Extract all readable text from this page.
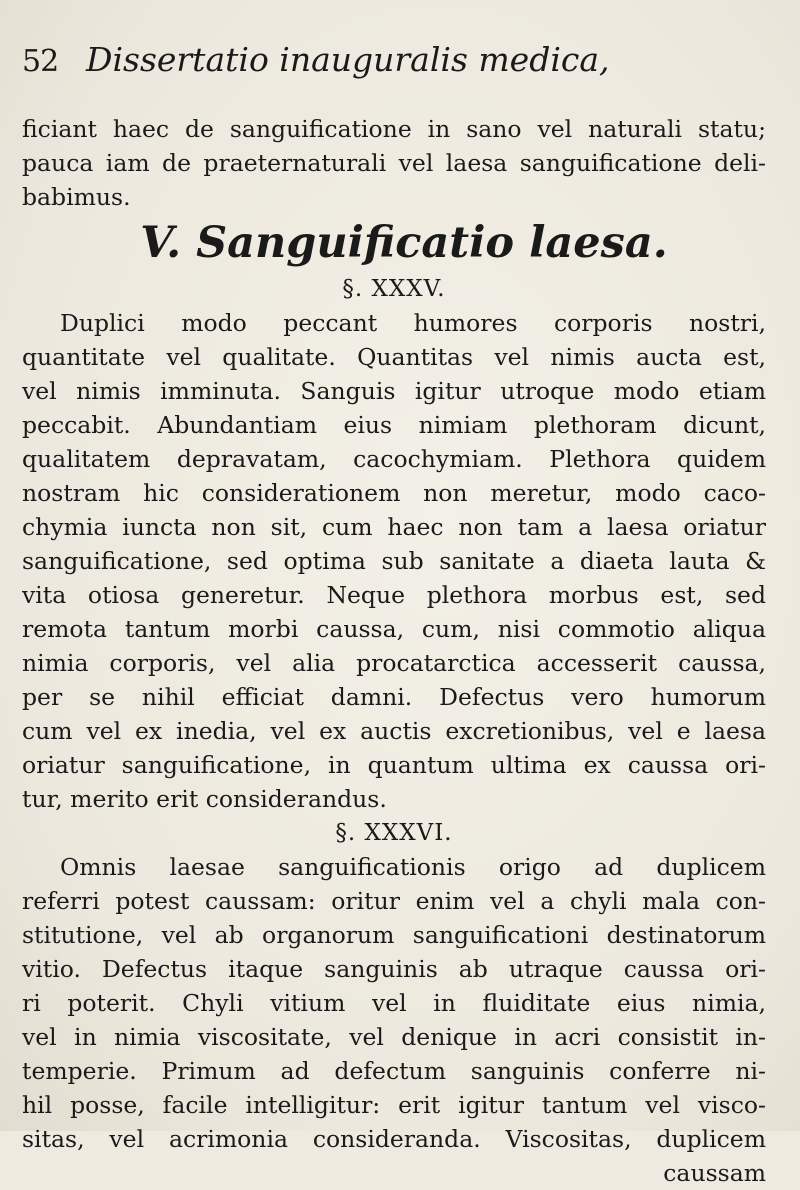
52 Dissertatio inauguralis medica,
ficiant haec de sanguificatione in sano vel naturali statu;
pauca iam de praeternaturali vel laesa sanguificatione deli-
babimus.
V. Sanguificatio laesa.
§. XXXV.
Duplici modo peccant humores corporis nostri,
quantitate vel qualitate. Quantitas vel nimis aucta est,
vel nimis imminuta. Sanguis igitur utroque modo etiam
peccabit. Abundantiam eius nimiam plethoram dicunt,
qualitatem depravatam, cacochymiam. Plethora quidem
nostram hic considerationem non meretur, modo caco-
chymia iuncta non sit, cum haec non tam a laesa oriatur
sanguificatione, sed optima sub sanitate a diaeta lauta &
vita otiosa generetur. Neque plethora morbus est, sed
remota tantum morbi caussa, cum, nisi commotio aliqua
nimia corporis, vel alia procatarctica accesserit caussa,
per se nihil efficiat damni. Defectus vero humorum
cum vel ex inedia, vel ex auctis excretionibus, vel e laesa
oriatur sanguificatione, in quantum ultima ex caussa ori-
tur, merito erit considerandus.
§. XXXVI.
Omnis laesae sanguificationis origo ad duplicem
referri potest caussam: oritur enim vel a chyli mala con-
stitutione, vel ab organorum sanguificationi destinatorum
vitio. Defectus itaque sanguinis ab utraque caussa ori-
ri poterit. Chyli vitium vel in fluiditate eius nimia,
vel in nimia viscositate, vel denique in acri consistit in-
temperie. Primum ad defectum sanguinis conferre ni-
hil posse, facile intelligitur: erit igitur tantum vel visco-
sitas, vel acrimonia consideranda. Viscositas, duplicem
caussam
